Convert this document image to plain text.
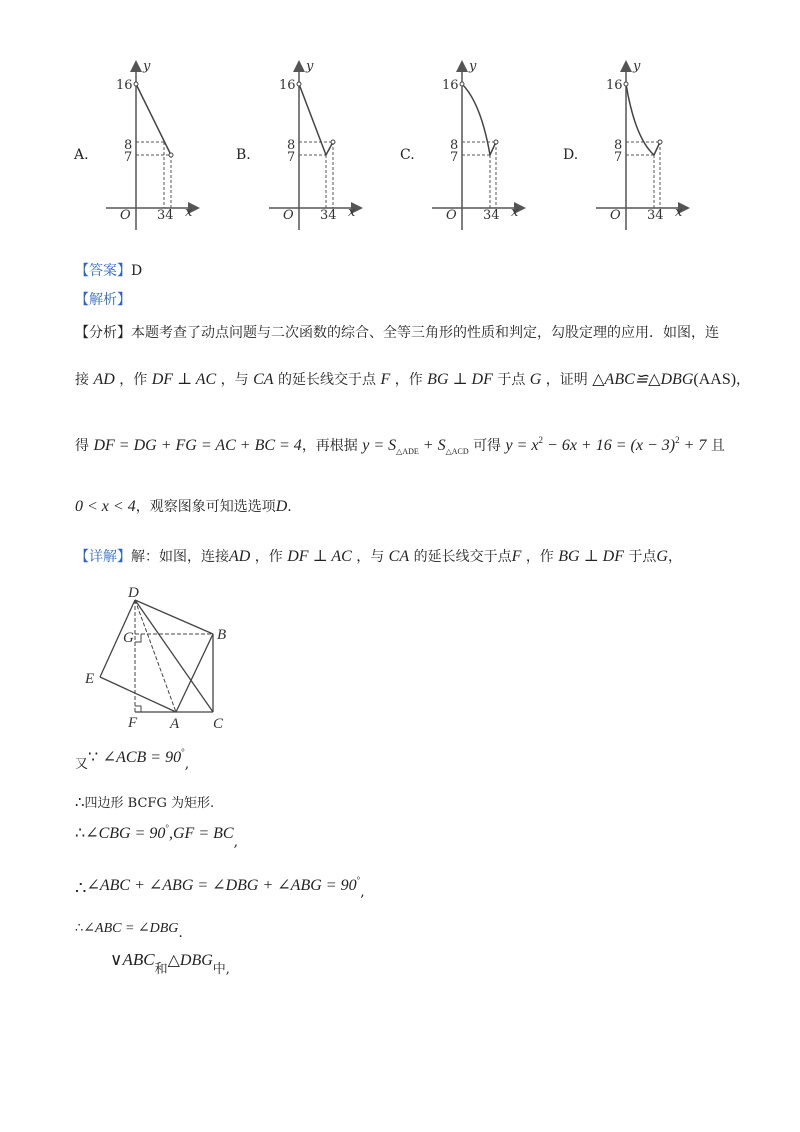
A.	B.	C.	D.
y
x
O
16
8
7
34
y
x
O
16
8
7
34
y
x
O
16
8
7
34
y
x
O
16
8
7
34
【答案】D
【解析】
【分析】本题考查了动点问题与二次函数的综合、全等三角形的性质和判定，勾股定理的应用．如图，连
接 AD ，作 DF ⊥ AC ，与 CA 的延长线交于点 F ，作 BG ⊥ DF 于点 G ，证明 △ABC≌△DBG(AAS)，
得 DF = DG + FG = AC + BC = 4，再根据 $y = S_{\triangle ADE} + S_{\triangle ACD}$ 可得 $y = x^2 - 6x + 16 = (x - 3)^2 + 7$ 且
0 < x < 4，观察图象可知选选项D.
【详解】解：如图，连接AD ，作 DF ⊥ AC ，与 CA 的延长线交于点F ，作 BG ⊥ DF 于点G，
D
G	B
E
F A C
又∵ ∠ACB = 90°,
∴四边形 BCFG 为矩形.
∴∠CBG = 90°,GF = BC,
∴∠ABC + ∠ABG = ∠DBG + ∠ABG = 90°,
∴∠ABC = ∠DBG.
∨ABC和△DBG中,
